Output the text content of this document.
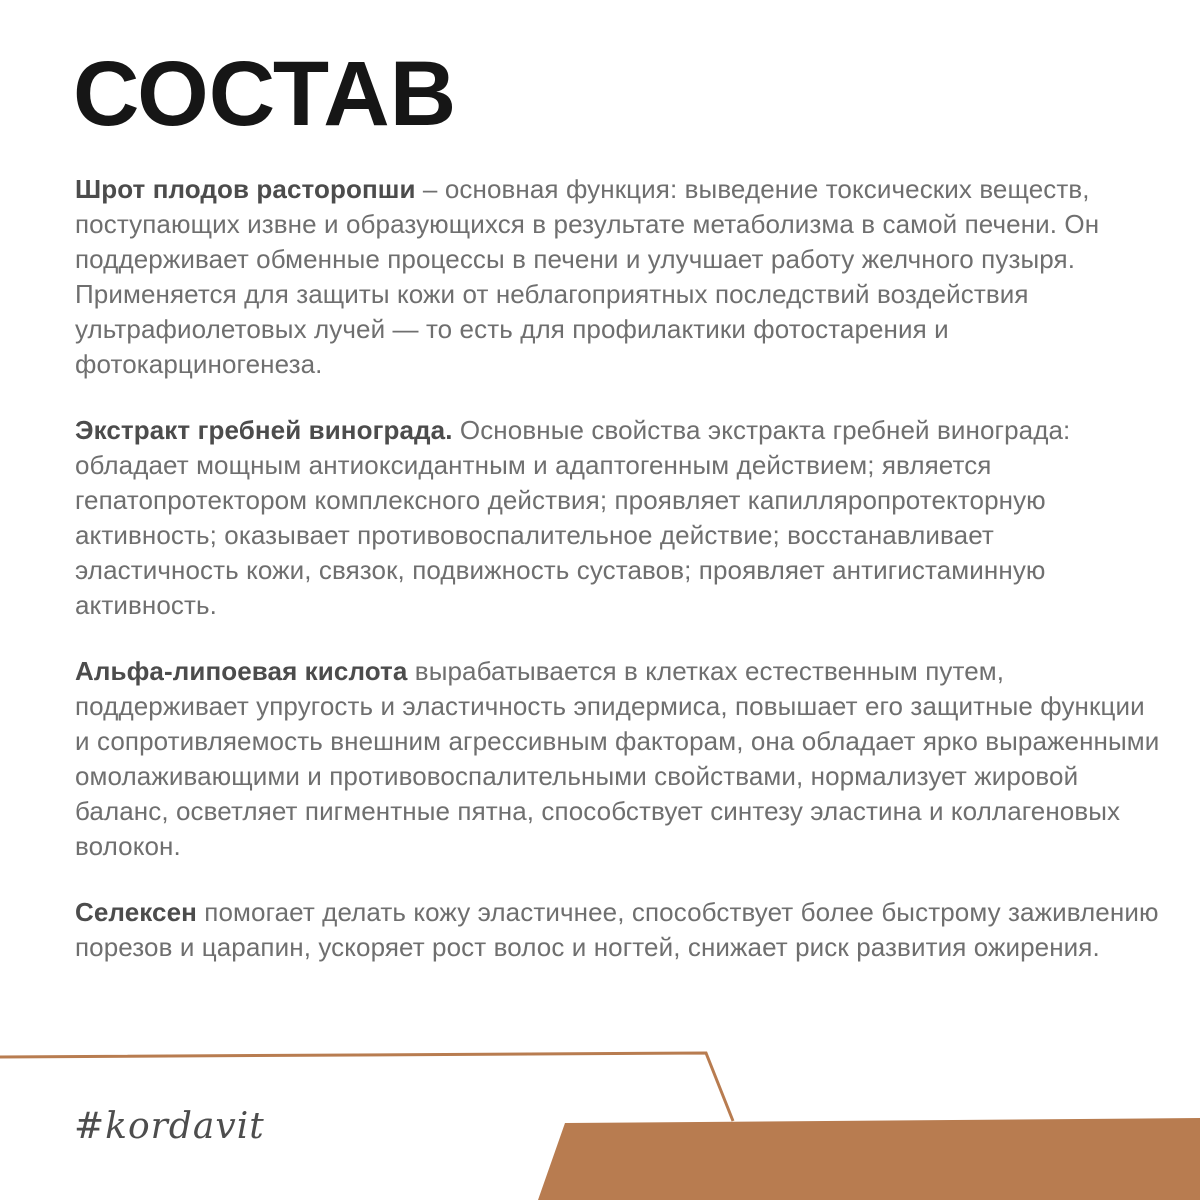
СОСТАВ

Шрот плодов расторопши – основная функция: выведение токсических веществ, поступающих извне и образующихся в результате метаболизма в самой печени. Он поддерживает обменные процессы в печени и улучшает работу желчного пузыря. Применяется для защиты кожи от неблагоприятных последствий воздействия ультрафиолетовых лучей — то есть для профилактики фотостарения и фотокарциногенеза.

Экстракт гребней винограда. Основные свойства экстракта гребней винограда: обладает мощным антиоксидантным и адаптогенным действием; является гепатопротектором комплексного действия; проявляет капилляропротекторную активность; оказывает противовоспалительное действие; восстанавливает эластичность кожи, связок, подвижность суставов; проявляет антигистаминную активность.

Альфа-липоевая кислота вырабатывается в клетках естественным путем, поддерживает упругость и эластичность эпидермиса, повышает его защитные функции и сопротивляемость внешним агрессивным факторам, она обладает ярко выраженными омолаживающими и противовоспалительными свойствами, нормализует жировой баланс, осветляет пигментные пятна, способствует синтезу эластина и коллагеновых волокон.

Селексен помогает делать кожу эластичнее, способствует более быстрому заживлению порезов и царапин, ускоряет рост волос и ногтей, снижает риск развития ожирения.

#kordavit
